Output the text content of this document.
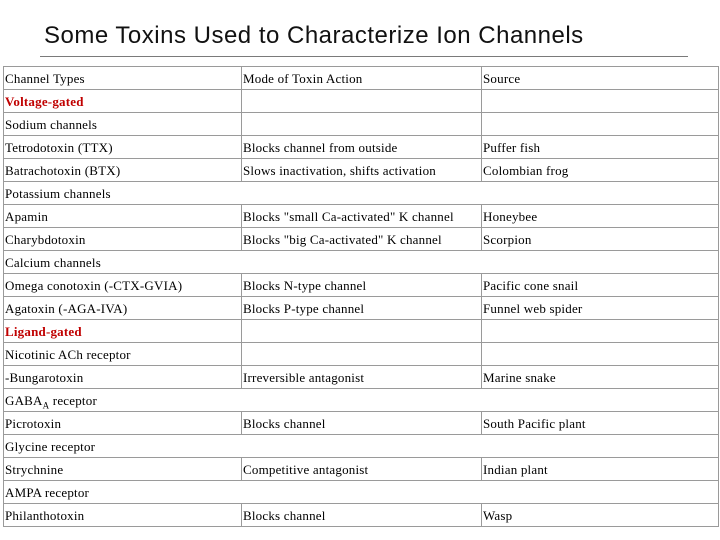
Some Toxins Used to Characterize Ion Channels
Channel Types	Mode of Toxin Action	Source
Voltage-gated
Sodium channels
Tetrodotoxin (TTX)	Blocks channel from outside	Puffer fish
Batrachotoxin (BTX)	Slows inactivation, shifts activation	Colombian frog
Potassium channels
Apamin	Blocks "small Ca-activated" K channel	Honeybee
Charybdotoxin	Blocks "big Ca-activated" K channel	Scorpion
Calcium channels
Omega conotoxin (-CTX-GVIA)	Blocks N-type channel	Pacific cone snail
Agatoxin (-AGA-IVA)	Blocks P-type channel	Funnel web spider
Ligand-gated
Nicotinic ACh receptor
-Bungarotoxin	Irreversible antagonist	Marine snake
$GABA_A$ receptor
Picrotoxin	Blocks channel	South Pacific plant
Glycine receptor
Strychnine	Competitive antagonist	Indian plant
AMPA receptor
Philanthotoxin	Blocks channel	Wasp
